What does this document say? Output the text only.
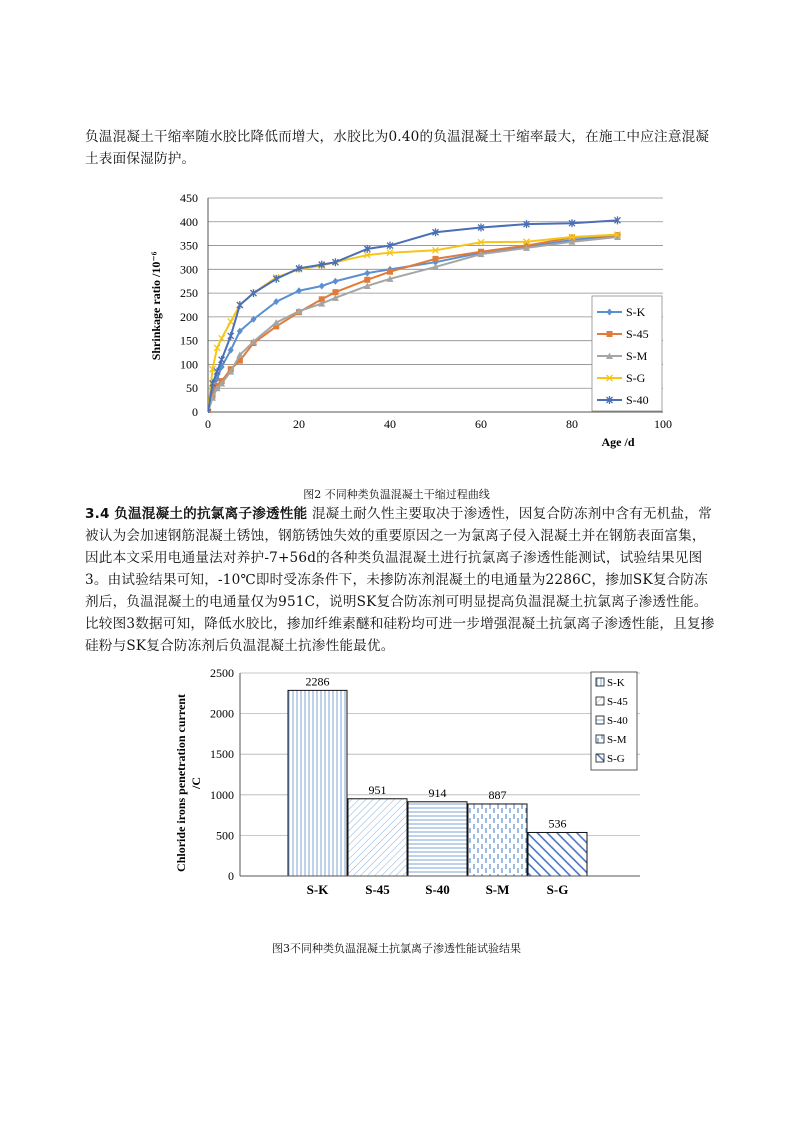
负温混凝土干缩率随水胶比降低而增大，水胶比为0.40的负温混凝土干缩率最大，在施工中应注意混凝土表面保湿防护。

0
50
100
150
200
250
300
350
400
450
0	20	40	60	80	100
Shrinkage ratio /10⁻⁶
Age /d
S-K
S-45
S-M
S-G
S-40
图2 不同种类负温混凝土干缩过程曲线

3.4 负温混凝土的抗氯离子渗透性能 混凝土耐久性主要取决于渗透性，因复合防冻剂中含有无机盐，常被认为会加速钢筋混凝土锈蚀，钢筋锈蚀失效的重要原因之一为氯离子侵入混凝土并在钢筋表面富集，因此本文采用电通量法对养护-7+56d的各种类负温混凝土进行抗氯离子渗透性能测试，试验结果见图3。由试验结果可知，-10℃即时受冻条件下，未掺防冻剂混凝土的电通量为2286C，掺加SK复合防冻剂后，负温混凝土的电通量仅为951C，说明SK复合防冻剂可明显提高负温混凝土抗氯离子渗透性能。比较图3数据可知，降低水胶比，掺加纤维素醚和硅粉均可进一步增强混凝土抗氯离子渗透性能，且复掺硅粉与SK复合防冻剂后负温混凝土抗渗性能最优。

2286
951	914	887
536
0
500
1000
1500
2000
2500
S-K	S-45	S-40	S-M	S-G
Chloride irons penetration current /C
S-K
S-45
S-40
S-M
S-G
图3不同种类负温混凝土抗氯离子渗透性能试验结果
